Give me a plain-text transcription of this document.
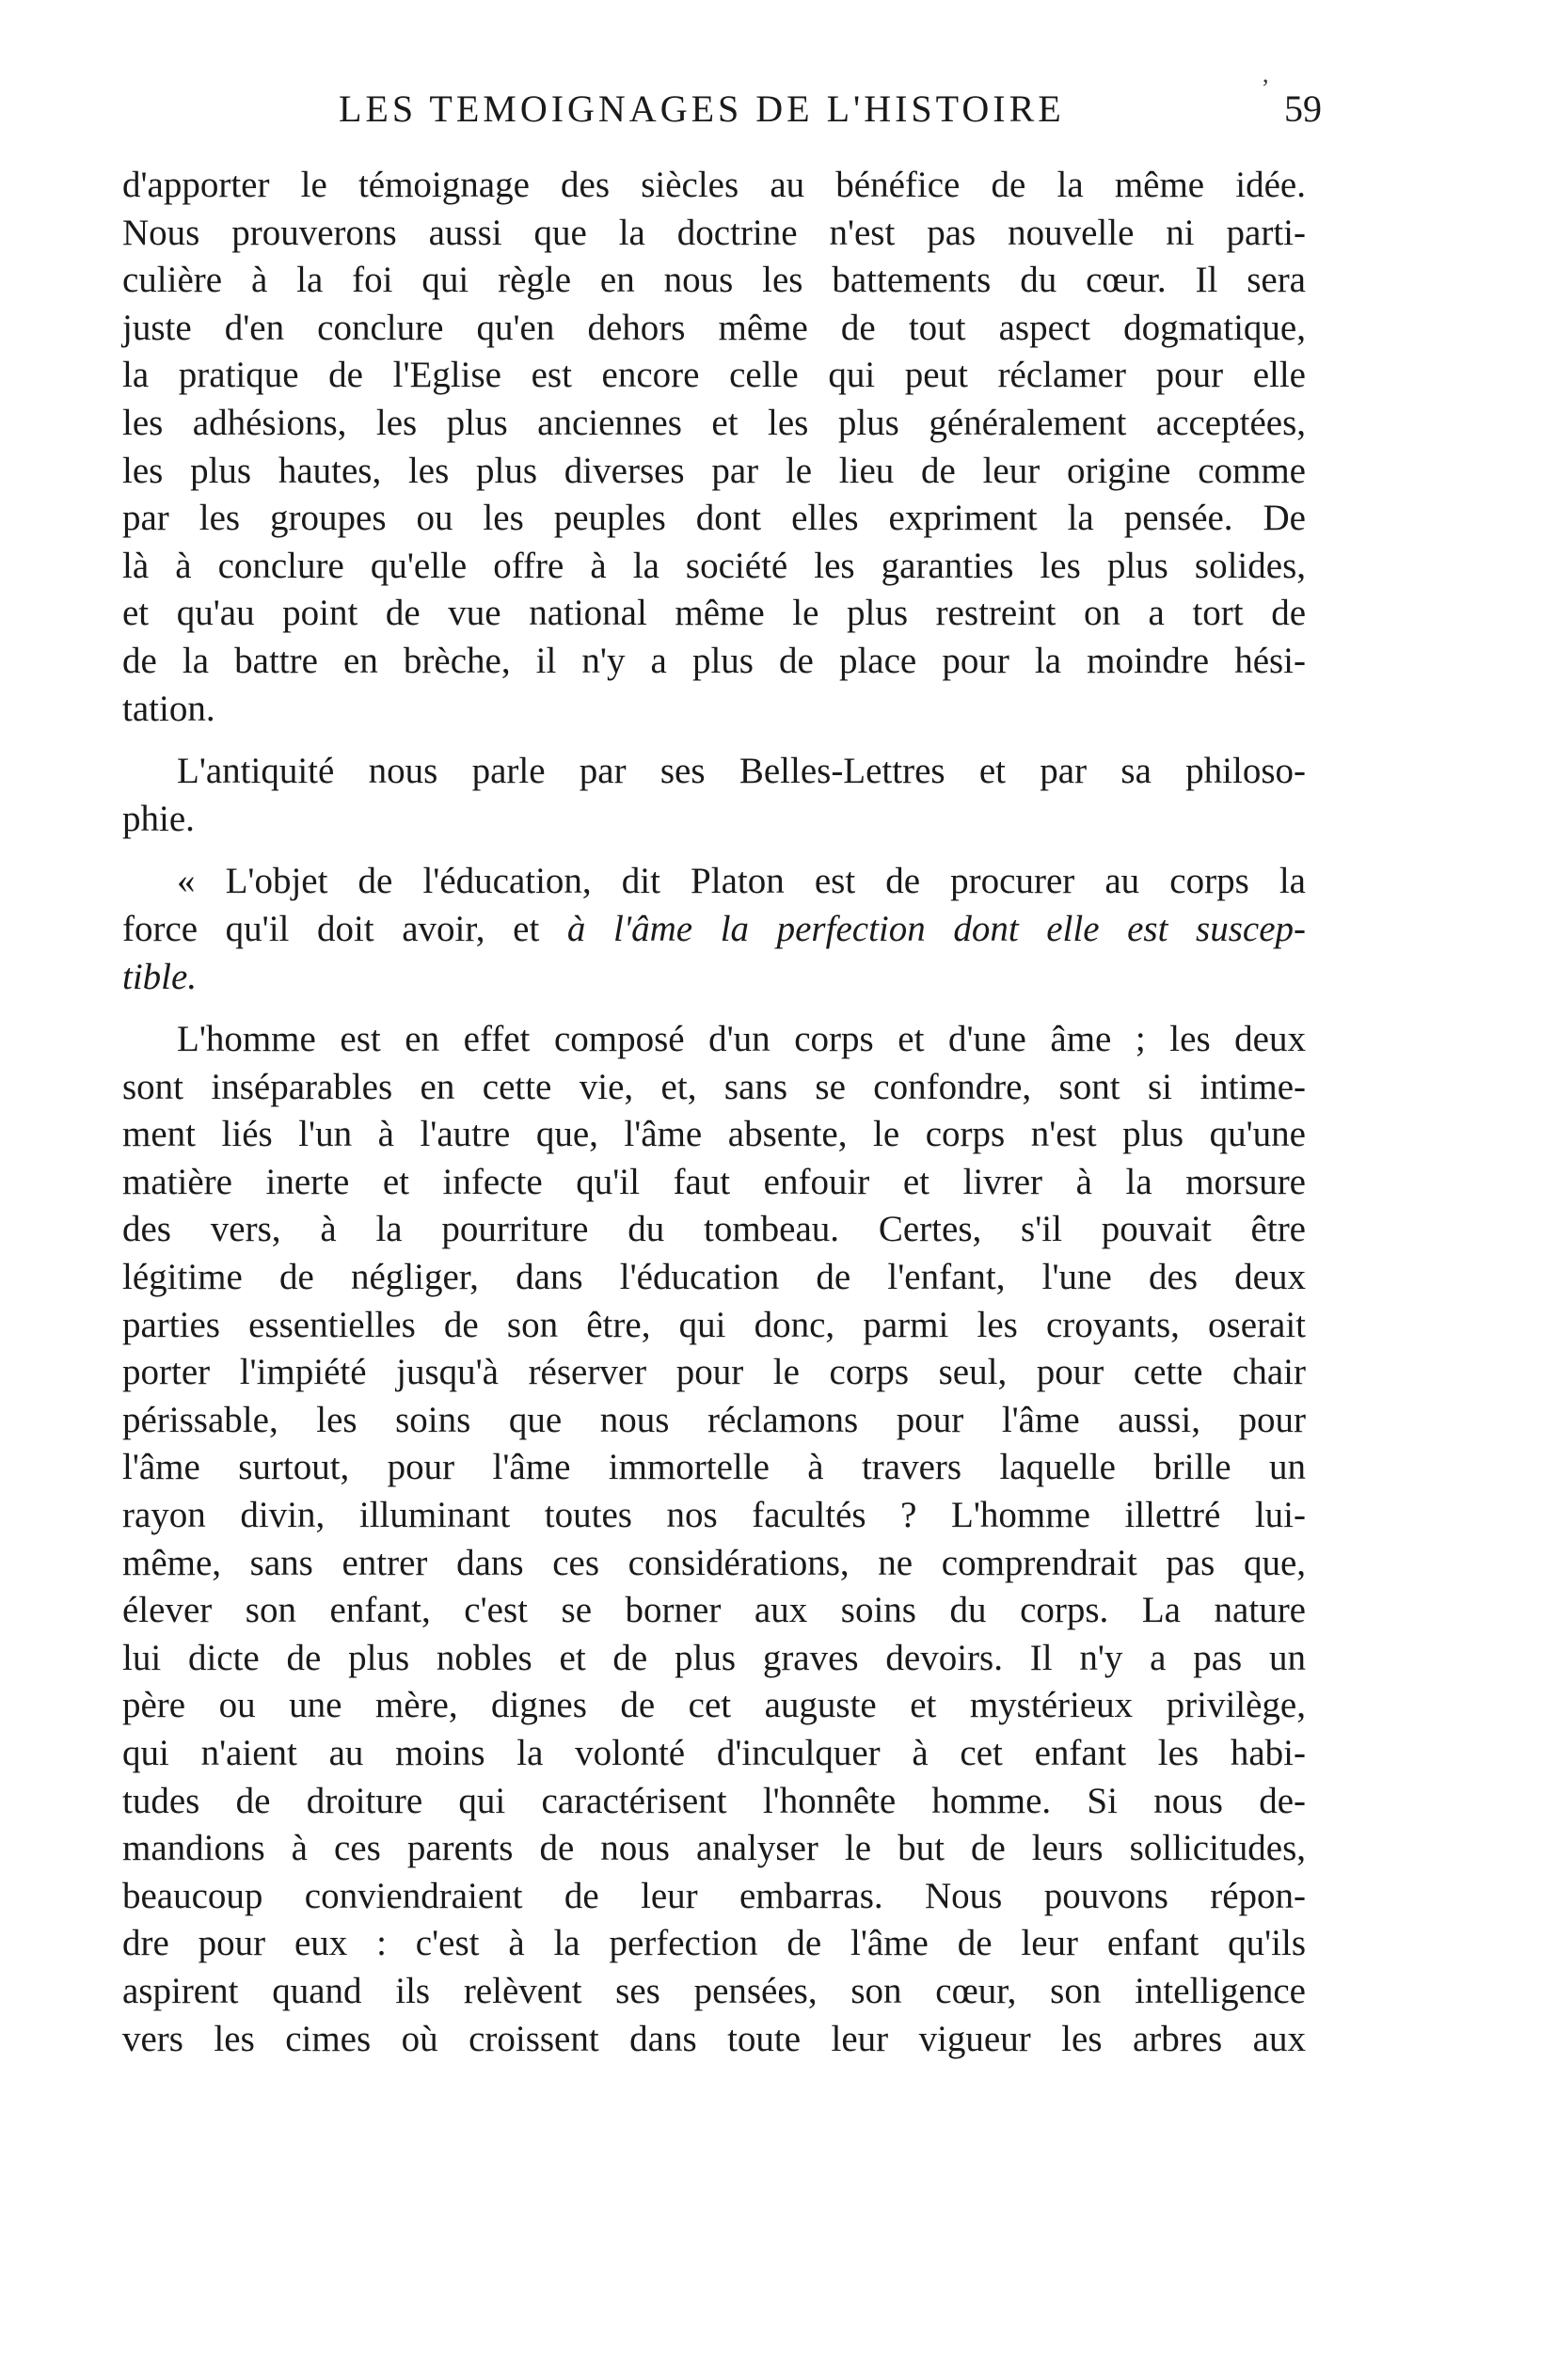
LES TEMOIGNAGES DE L'HISTOIRE	59
,
d'apporter le témoignage des siècles au bénéfice de la même idée.
Nous prouverons aussi que la doctrine n'est pas nouvelle ni parti-
culière à la foi qui règle en nous les battements du cœur. Il sera
juste d'en conclure qu'en dehors même de tout aspect dogmatique,
la pratique de l'Eglise est encore celle qui peut réclamer pour elle
les adhésions, les plus anciennes et les plus généralement acceptées,
les plus hautes, les plus diverses par le lieu de leur origine comme
par les groupes ou les peuples dont elles expriment la pensée. De
là à conclure qu'elle offre à la société les garanties les plus solides,
et qu'au point de vue national même le plus restreint on a tort de
de la battre en brèche, il n'y a plus de place pour la moindre hési-
tation.
L'antiquité nous parle par ses Belles-Lettres et par sa philoso-
phie.
« L'objet de l'éducation, dit Platon est de procurer au corps la
force qu'il doit avoir, et à l'âme la perfection dont elle est suscep-
tible.
L'homme est en effet composé d'un corps et d'une âme ; les deux
sont inséparables en cette vie, et, sans se confondre, sont si intime-
ment liés l'un à l'autre que, l'âme absente, le corps n'est plus qu'une
matière inerte et infecte qu'il faut enfouir et livrer à la morsure
des vers, à la pourriture du tombeau. Certes, s'il pouvait être
légitime de négliger, dans l'éducation de l'enfant, l'une des deux
parties essentielles de son être, qui donc, parmi les croyants, oserait
porter l'impiété jusqu'à réserver pour le corps seul, pour cette chair
périssable, les soins que nous réclamons pour l'âme aussi, pour
l'âme surtout, pour l'âme immortelle à travers laquelle brille un
rayon divin, illuminant toutes nos facultés ? L'homme illettré lui-
même, sans entrer dans ces considérations, ne comprendrait pas que,
élever son enfant, c'est se borner aux soins du corps. La nature
lui dicte de plus nobles et de plus graves devoirs. Il n'y a pas un
père ou une mère, dignes de cet auguste et mystérieux privilège,
qui n'aient au moins la volonté d'inculquer à cet enfant les habi-
tudes de droiture qui caractérisent l'honnête homme. Si nous de-
mandions à ces parents de nous analyser le but de leurs sollicitudes,
beaucoup conviendraient de leur embarras. Nous pouvons répon-
dre pour eux : c'est à la perfection de l'âme de leur enfant qu'ils
aspirent quand ils relèvent ses pensées, son cœur, son intelligence
vers les cimes où croissent dans toute leur vigueur les arbres aux
